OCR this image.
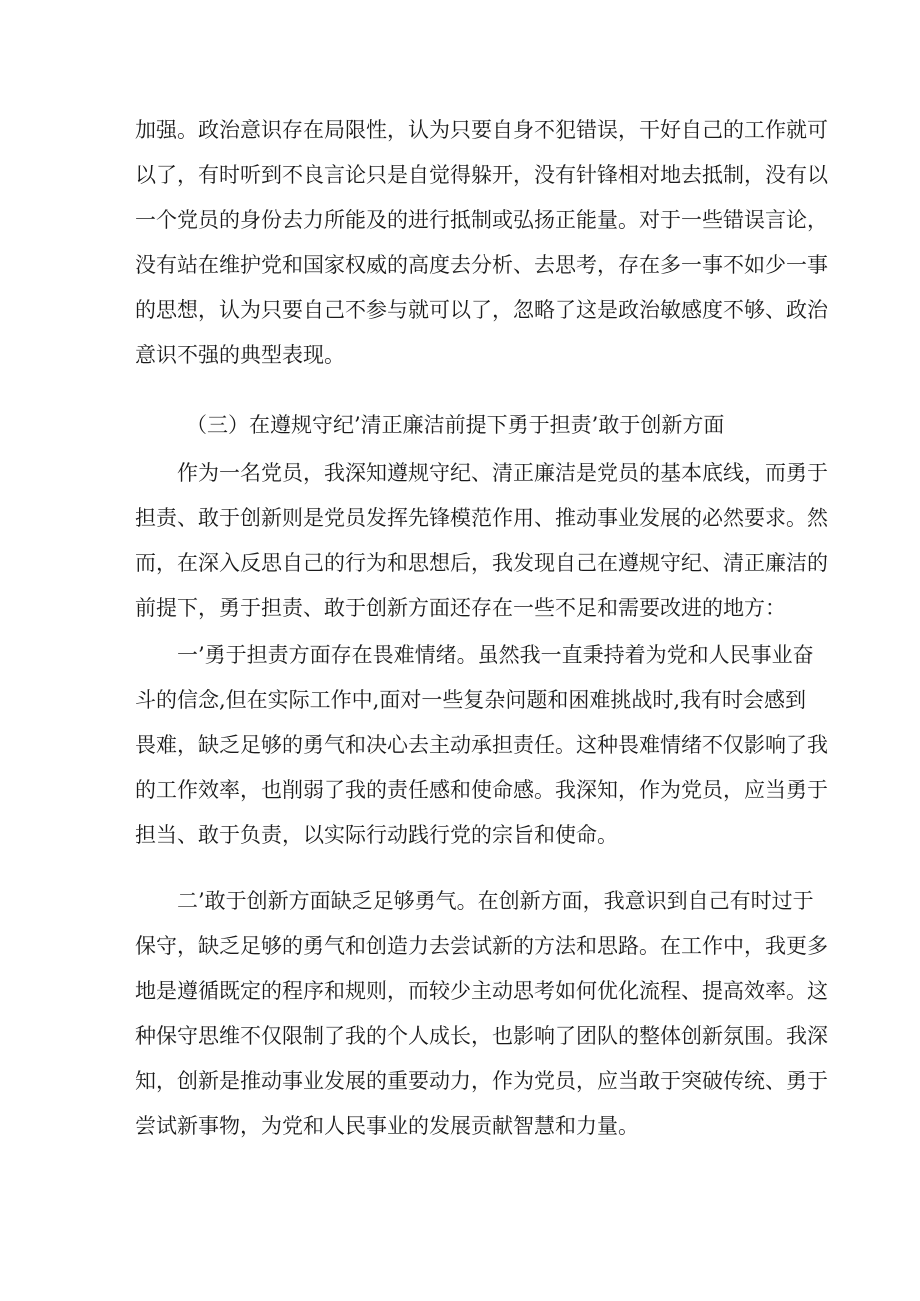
加强。政治意识存在局限性，认为只要自身不犯错误，干好自己的工作就可
以了，有时听到不良言论只是自觉得躲开，没有针锋相对地去抵制，没有以
一个党员的身份去力所能及的进行抵制或弘扬正能量。对于一些错误言论，
没有站在维护党和国家权威的高度去分析、去思考，存在多一事不如少一事
的思想，认为只要自己不参与就可以了，忽略了这是政治敏感度不够、政治
意识不强的典型表现。
（三）在遵规守纪’清正廉洁前提下勇于担责’敢于创新方面
作为一名党员，我深知遵规守纪、清正廉洁是党员的基本底线，而勇于
担责、敢于创新则是党员发挥先锋模范作用、推动事业发展的必然要求。然
而，在深入反思自己的行为和思想后，我发现自己在遵规守纪、清正廉洁的
前提下，勇于担责、敢于创新方面还存在一些不足和需要改进的地方：
一’勇于担责方面存在畏难情绪。虽然我一直秉持着为党和人民事业奋
斗的信念,但在实际工作中,面对一些复杂问题和困难挑战时,我有时会感到
畏难，缺乏足够的勇气和决心去主动承担责任。这种畏难情绪不仅影响了我
的工作效率，也削弱了我的责任感和使命感。我深知，作为党员，应当勇于
担当、敢于负责，以实际行动践行党的宗旨和使命。
二’敢于创新方面缺乏足够勇气。在创新方面，我意识到自己有时过于
保守，缺乏足够的勇气和创造力去尝试新的方法和思路。在工作中，我更多
地是遵循既定的程序和规则，而较少主动思考如何优化流程、提高效率。这
种保守思维不仅限制了我的个人成长，也影响了团队的整体创新氛围。我深
知，创新是推动事业发展的重要动力，作为党员，应当敢于突破传统、勇于
尝试新事物，为党和人民事业的发展贡献智慧和力量。
